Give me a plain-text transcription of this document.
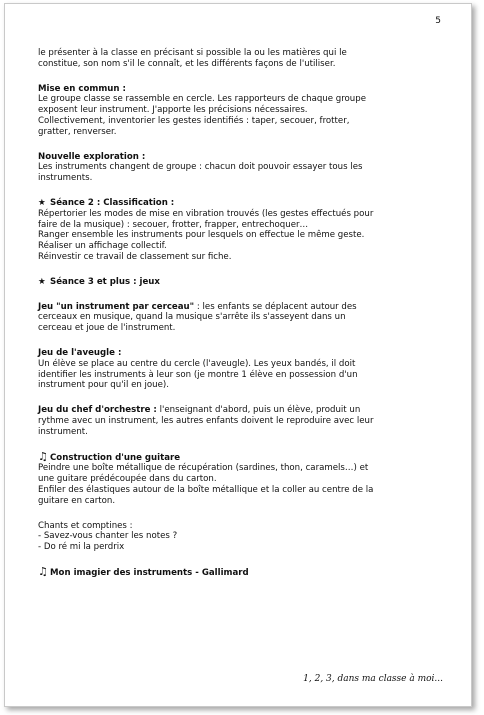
5
le présenter à la classe en précisant si possible la ou les matières qui le
constitue, son nom s'il le connaît, et les différents façons de l'utiliser.
Mise en commun :
Le groupe classe se rassemble en cercle. Les rapporteurs de chaque groupe
exposent leur instrument. J'apporte les précisions nécessaires.
Collectivement, inventorier les gestes identifiés : taper, secouer, frotter,
gratter, renverser.
Nouvelle exploration :
Les instruments changent de groupe : chacun doit pouvoir essayer tous les
instruments.
★ Séance 2 : Classification :
Répertorier les modes de mise en vibration trouvés (les gestes effectués pour
faire de la musique) : secouer, frotter, frapper, entrechoquer…
Ranger ensemble les instruments pour lesquels on effectue le même geste.
Réaliser un affichage collectif.
Réinvestir ce travail de classement sur fiche.
★ Séance 3 et plus : jeux
Jeu "un instrument par cerceau" : les enfants se déplacent autour des
cerceaux en musique, quand la musique s'arrête ils s'asseyent dans un
cerceau et joue de l'instrument.
Jeu de l'aveugle :
Un élève se place au centre du cercle (l'aveugle). Les yeux bandés, il doit
identifier les instruments à leur son (je montre 1 élève en possession d'un
instrument pour qu'il en joue).
Jeu du chef d'orchestre : l'enseignant d'abord, puis un élève, produit un
rythme avec un instrument, les autres enfants doivent le reproduire avec leur
instrument.
♫ Construction d'une guitare
Peindre une boîte métallique de récupération (sardines, thon, caramels…) et
une guitare prédécoupée dans du carton.
Enfiler des élastiques autour de la boîte métallique et la coller au centre de la
guitare en carton.
Chants et comptines :
- Savez-vous chanter les notes ?
- Do ré mi la perdrix
♫ Mon imagier des instruments - Gallimard
1, 2, 3, dans ma classe à moi...
